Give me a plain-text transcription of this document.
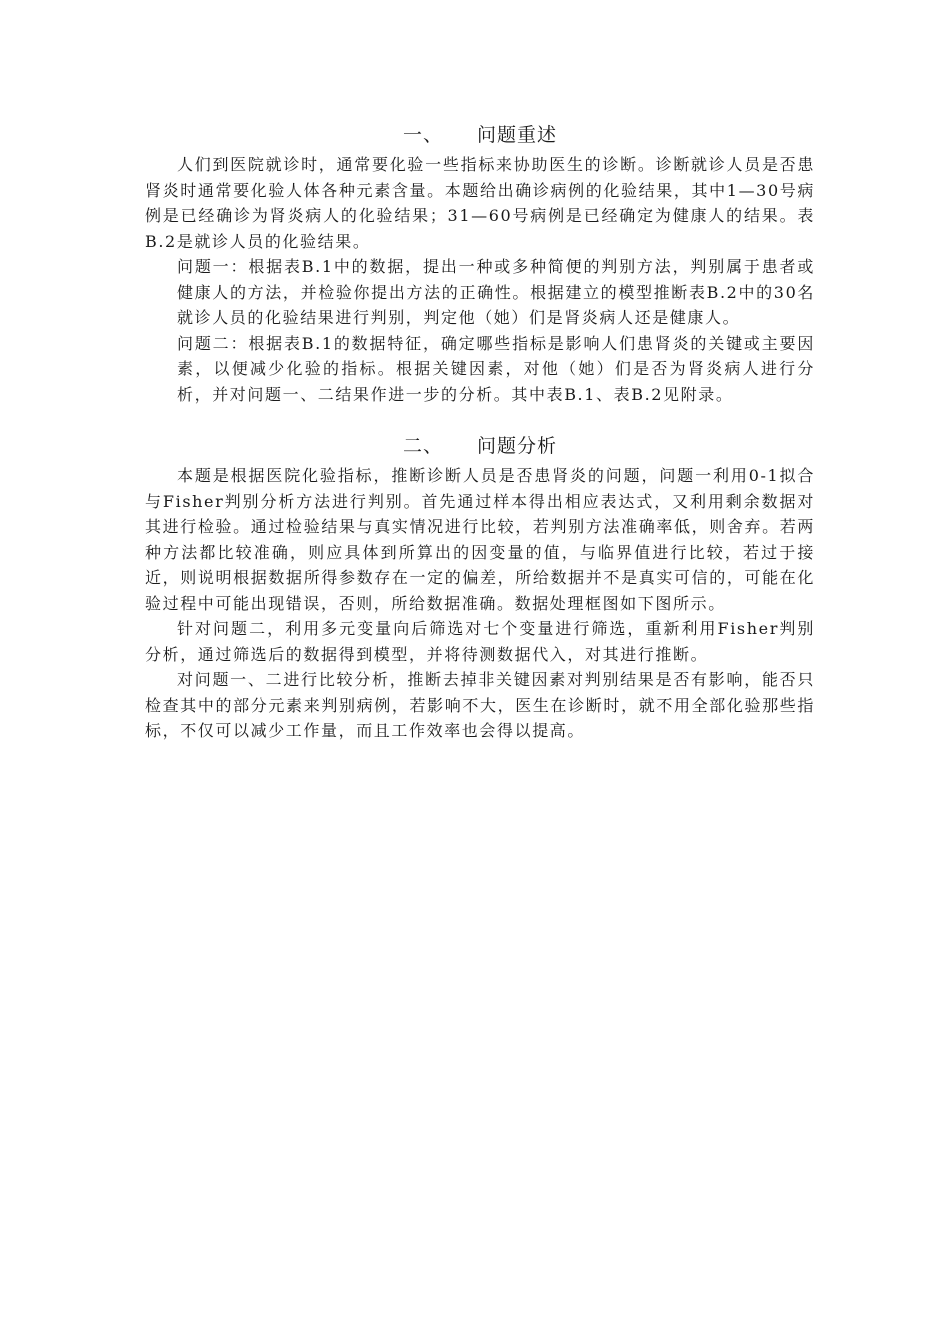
一、 问题重述

人们到医院就诊时，通常要化验一些指标来协助医生的诊断。诊断就诊人员是否患肾炎时通常要化验人体各种元素含量。本题给出确诊病例的化验结果，其中1—30号病例是已经确诊为肾炎病人的化验结果；31—60号病例是已经确定为健康人的结果。表B.2是就诊人员的化验结果。

问题一：根据表B.1中的数据，提出一种或多种简便的判别方法，判别属于患者或健康人的方法，并检验你提出方法的正确性。根据建立的模型推断表B.2中的30名就诊人员的化验结果进行判别，判定他（她）们是肾炎病人还是健康人。

问题二：根据表B.1的数据特征，确定哪些指标是影响人们患肾炎的关键或主要因素，以便减少化验的指标。根据关键因素，对他（她）们是否为肾炎病人进行分析，并对问题一、二结果作进一步的分析。其中表B.1、表B.2见附录。

二、 问题分析

本题是根据医院化验指标，推断诊断人员是否患肾炎的问题，问题一利用0-1拟合与Fisher判别分析方法进行判别。首先通过样本得出相应表达式，又利用剩余数据对其进行检验。通过检验结果与真实情况进行比较，若判别方法准确率低，则舍弃。若两种方法都比较准确，则应具体到所算出的因变量的值，与临界值进行比较，若过于接近，则说明根据数据所得参数存在一定的偏差，所给数据并不是真实可信的，可能在化验过程中可能出现错误，否则，所给数据准确。数据处理框图如下图所示。

针对问题二，利用多元变量向后筛选对七个变量进行筛选，重新利用Fisher判别分析，通过筛选后的数据得到模型，并将待测数据代入，对其进行推断。

对问题一、二进行比较分析，推断去掉非关键因素对判别结果是否有影响，能否只检查其中的部分元素来判别病例，若影响不大，医生在诊断时，就不用全部化验那些指标，不仅可以减少工作量，而且工作效率也会得以提高。
